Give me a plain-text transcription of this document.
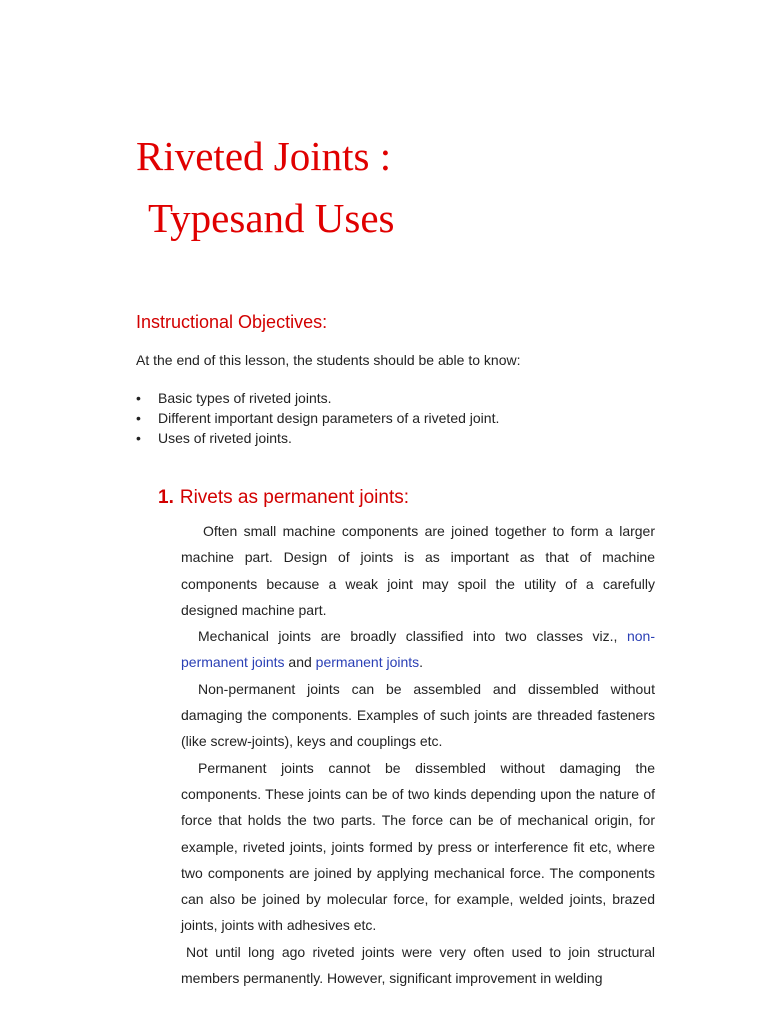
Riveted Joints :
Typesand Uses
Instructional Objectives:

At the end of this lesson, the students should be able to know:

• Basic types of riveted joints.
• Different important design parameters of a riveted joint.
• Uses of riveted joints.
1. Rivets as permanent joints:

Often small machine components are joined together to form a larger machine part. Design of joints is as important as that of machine components because a weak joint may spoil the utility of a carefully designed machine part.

Mechanical joints are broadly classified into two classes viz., non-permanent joints and permanent joints.

Non-permanent joints can be assembled and dissembled without damaging the components. Examples of such joints are threaded fasteners (like screw-joints), keys and couplings etc.

Permanent joints cannot be dissembled without damaging the components. These joints can be of two kinds depending upon the nature of force that holds the two parts. The force can be of mechanical origin, for example, riveted joints, joints formed by press or interference fit etc, where two components are joined by applying mechanical force. The components can also be joined by molecular force, for example, welded joints, brazed joints, joints with adhesives etc.

Not until long ago riveted joints were very often used to join structural members permanently. However, significant improvement in welding
